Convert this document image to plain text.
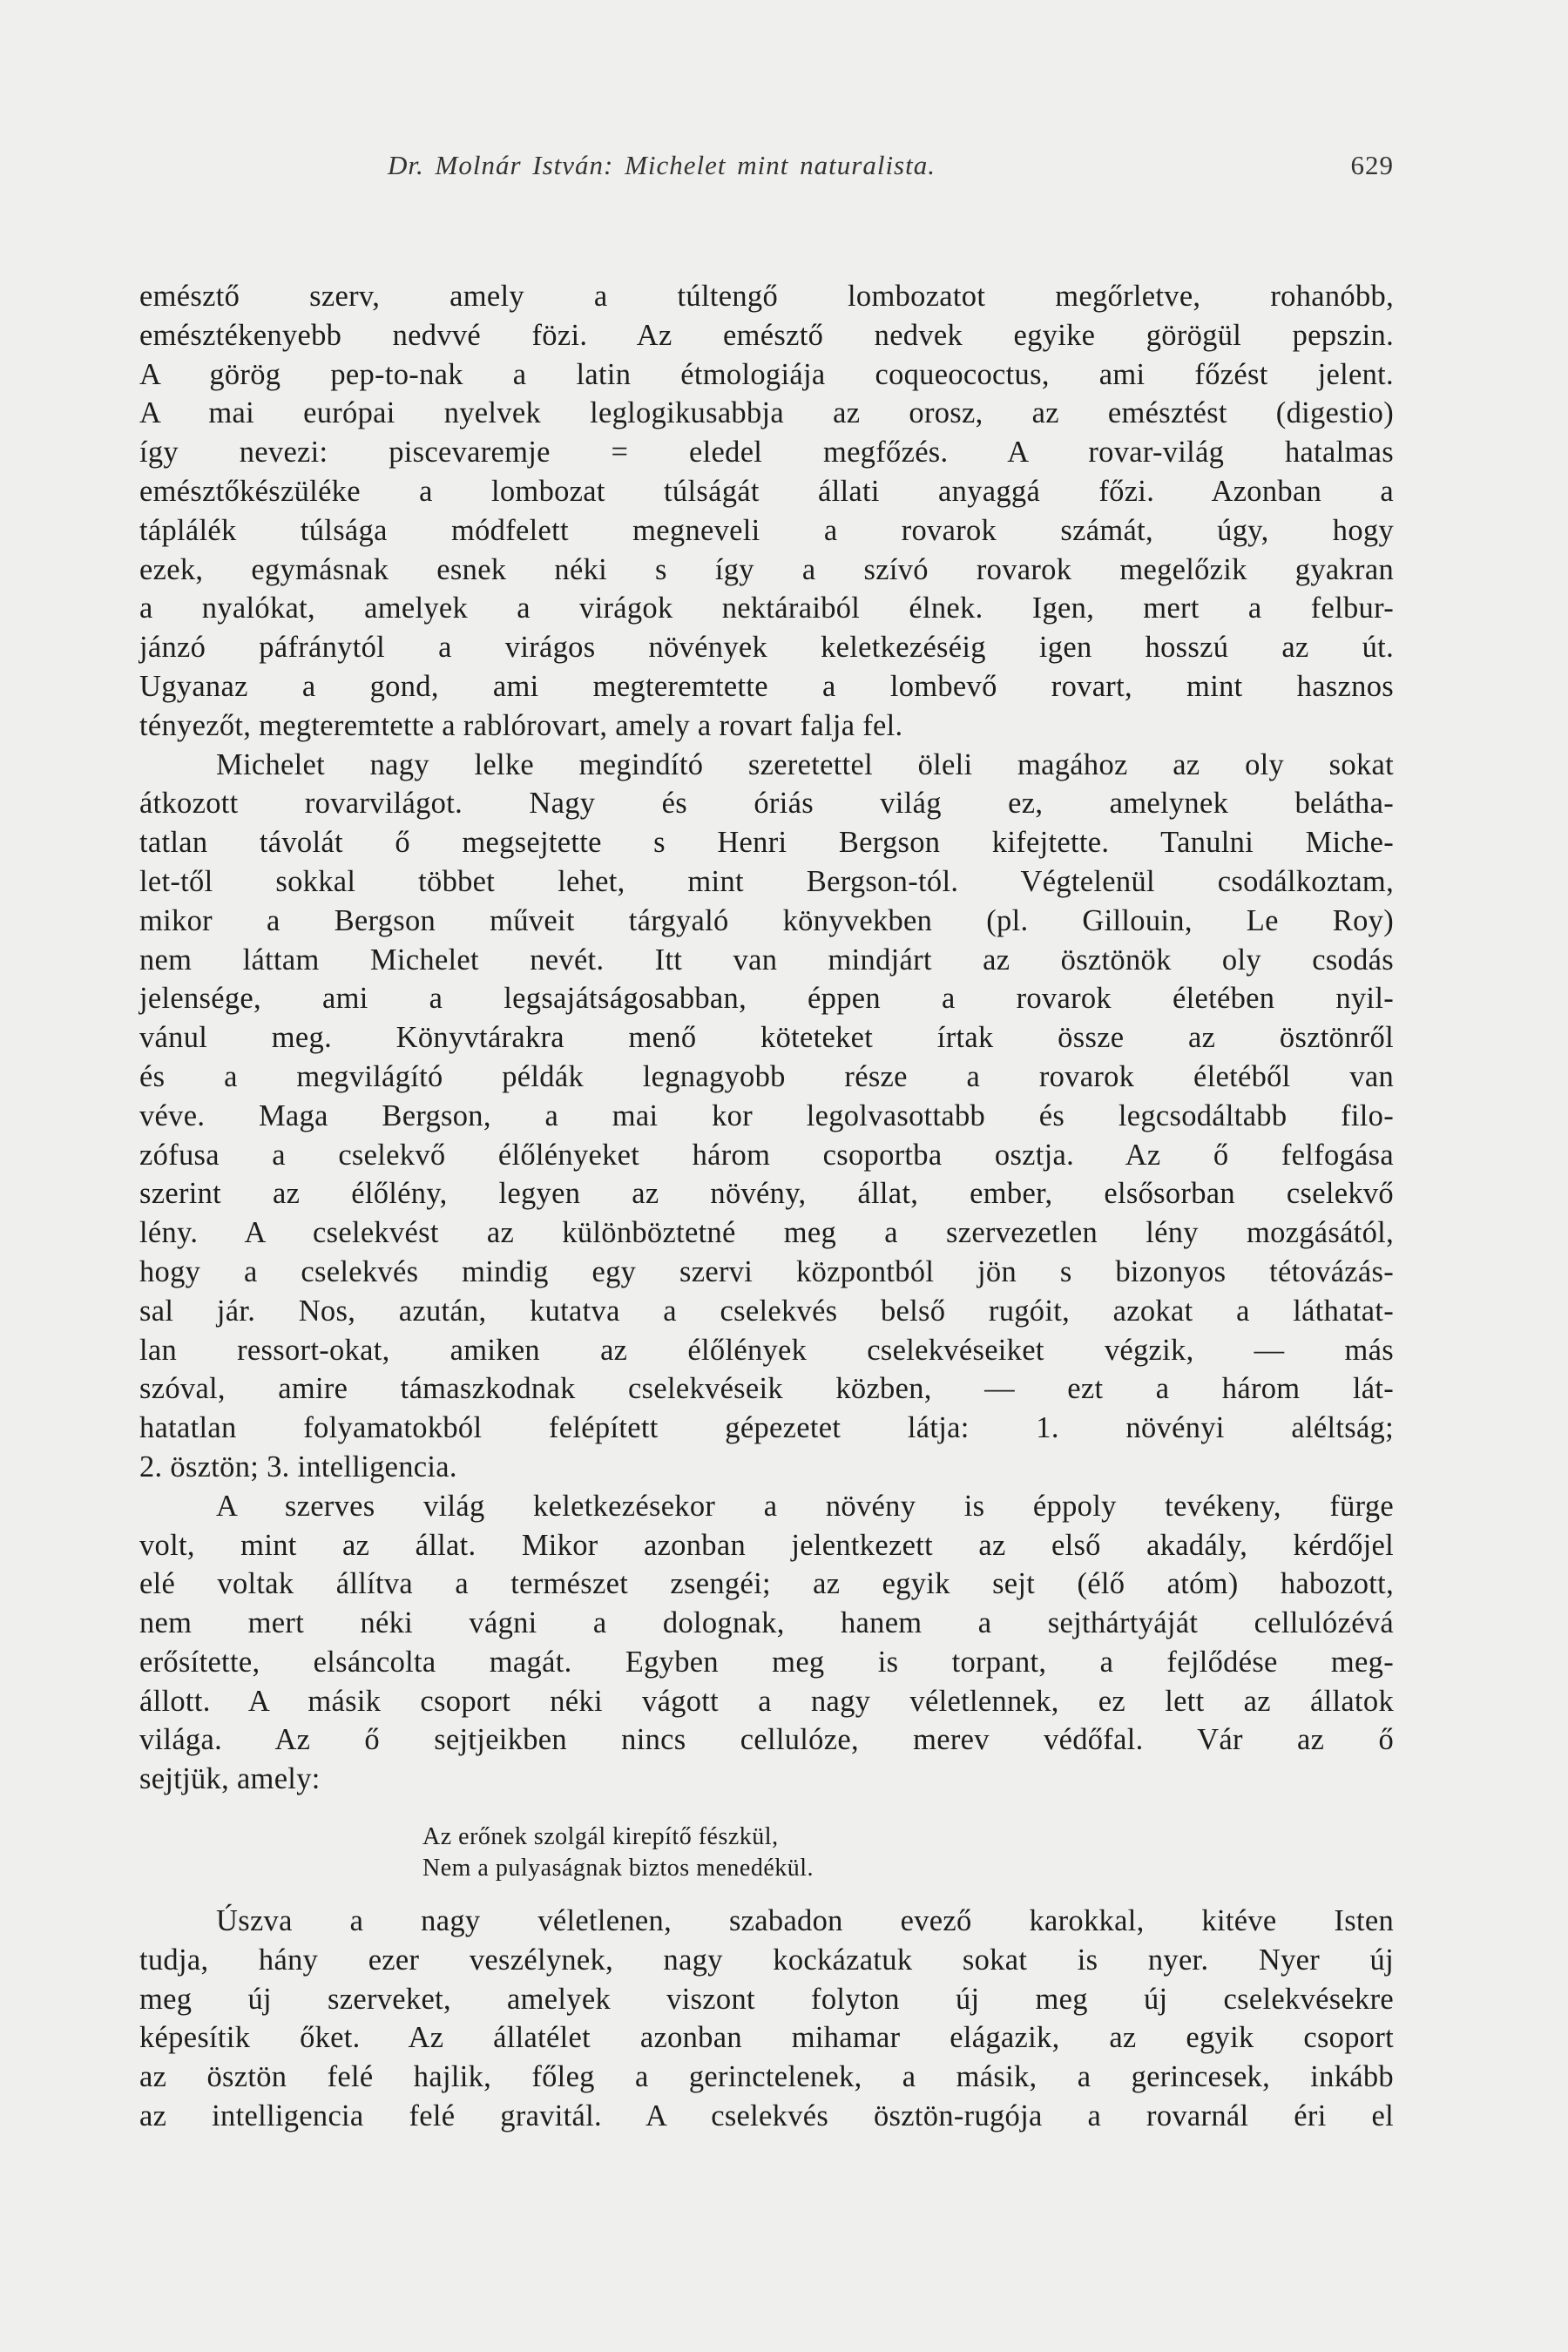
Dr. Molnár István: Michelet mint naturalista.	629
emésztő szerv, amely a túltengő lombozatot megőrletve, rohanóbb,
emésztékenyebb nedvvé fözi. Az emésztő nedvek egyike görögül pepszin.
A görög pep-to-nak a latin étmologiája coqueococtus, ami főzést jelent.
A mai európai nyelvek leglogikusabbja az orosz, az emésztést (digestio)
így nevezi: piscevaremje = eledel megfőzés. A rovar-világ hatalmas
emésztőkészüléke a lombozat túlságát állati anyaggá főzi. Azonban a
táplálék túlsága módfelett megneveli a rovarok számát, úgy, hogy
ezek, egymásnak esnek néki s így a szívó rovarok megelőzik gyakran
a nyalókat, amelyek a virágok nektáraiból élnek. Igen, mert a felbur-
jánzó páfránytól a virágos növények keletkezéséig igen hosszú az út.
Ugyanaz a gond, ami megteremtette a lombevő rovart, mint hasznos
tényezőt, megteremtette a rablórovart, amely a rovart falja fel.
Michelet nagy lelke megindító szeretettel öleli magához az oly sokat
átkozott rovarvilágot. Nagy és óriás világ ez, amelynek belátha-
tatlan távolát ő megsejtette s Henri Bergson kifejtette. Tanulni Miche-
let-től sokkal többet lehet, mint Bergson-tól. Végtelenül csodálkoztam,
mikor a Bergson műveit tárgyaló könyvekben (pl. Gillouin, Le Roy)
nem láttam Michelet nevét. Itt van mindjárt az ösztönök oly csodás
jelensége, ami a legsajátságosabban, éppen a rovarok életében nyil-
vánul meg. Könyvtárakra menő köteteket írtak össze az ösztönről
és a megvilágító példák legnagyobb része a rovarok életéből van
véve. Maga Bergson, a mai kor legolvasottabb és legcsodáltabb filo-
zófusa a cselekvő élőlényeket három csoportba osztja. Az ő felfogása
szerint az élőlény, legyen az növény, állat, ember, elsősorban cselekvő
lény. A cselekvést az különböztetné meg a szervezetlen lény mozgásától,
hogy a cselekvés mindig egy szervi központból jön s bizonyos tétovázás-
sal jár. Nos, azután, kutatva a cselekvés belső rugóit, azokat a láthatat-
lan ressort-okat, amiken az élőlények cselekvéseiket végzik, — más
szóval, amire támaszkodnak cselekvéseik közben, — ezt a három lát-
hatatlan folyamatokból felépített gépezetet látja: 1. növényi aléltság;
2. ösztön; 3. intelligencia.
A szerves világ keletkezésekor a növény is éppoly tevékeny, fürge
volt, mint az állat. Mikor azonban jelentkezett az első akadály, kérdőjel
elé voltak állítva a természet zsengéi; az egyik sejt (élő atóm) habozott,
nem mert néki vágni a dolognak, hanem a sejthártyáját cellulózévá
erősítette, elsáncolta magát. Egyben meg is torpant, a fejlődése meg-
állott. A másik csoport néki vágott a nagy véletlennek, ez lett az állatok
világa. Az ő sejtjeikben nincs cellulóze, merev védőfal. Vár az ő
sejtjük, amely:
Az erőnek szolgál kirepítő fészkül,
Nem a pulyaságnak biztos menedékül.
Úszva a nagy véletlenen, szabadon evező karokkal, kitéve Isten
tudja, hány ezer veszélynek, nagy kockázatuk sokat is nyer. Nyer új
meg új szerveket, amelyek viszont folyton új meg új cselekvésekre
képesítik őket. Az állatélet azonban mihamar elágazik, az egyik csoport
az ösztön felé hajlik, főleg a gerinctelenek, a másik, a gerincesek, inkább
az intelligencia felé gravitál. A cselekvés ösztön-rugója a rovarnál éri el
